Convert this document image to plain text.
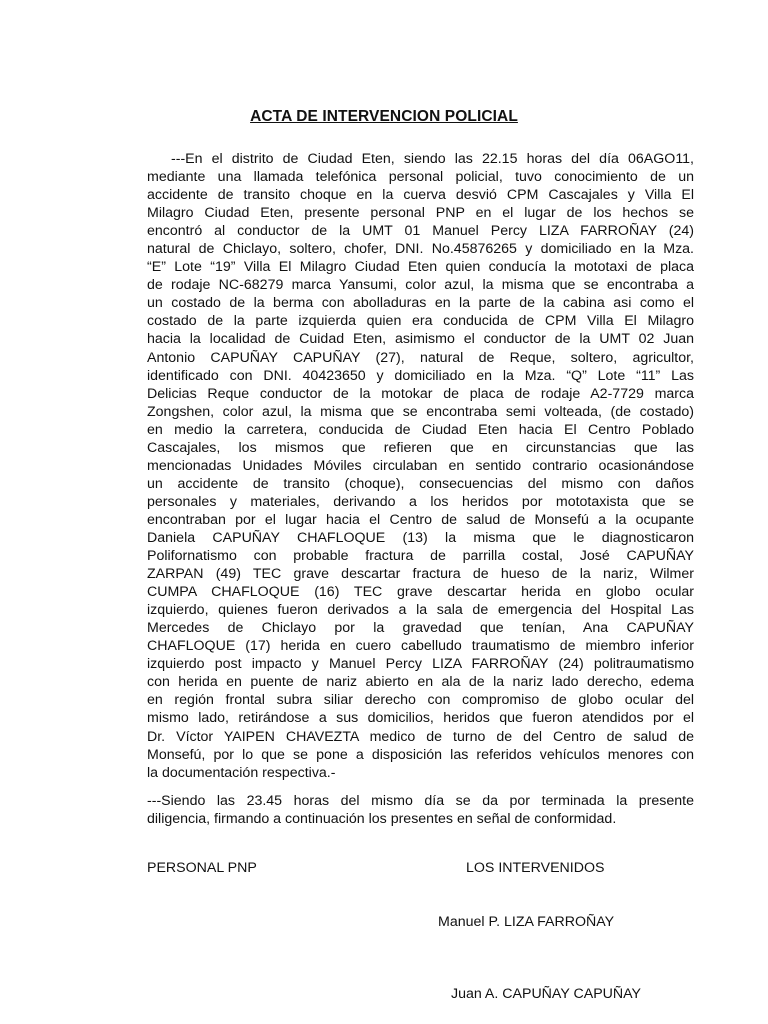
ACTA DE INTERVENCION POLICIAL
---En el distrito de Ciudad Eten, siendo las 22.15 horas del día 06AGO11,
mediante una llamada telefónica personal policial, tuvo conocimiento de un
accidente de transito choque en la cuerva desvió CPM Cascajales y Villa El
Milagro Ciudad Eten, presente personal PNP en el lugar de los hechos se
encontró al conductor de la UMT 01 Manuel Percy LIZA FARROÑAY (24)
natural de Chiclayo, soltero, chofer, DNI. No.45876265 y domiciliado en la Mza.
“E” Lote “19” Villa El Milagro Ciudad Eten quien conducía la mototaxi de placa
de rodaje NC-68279 marca Yansumi, color azul, la misma que se encontraba a
un costado de la berma con abolladuras en la parte de la cabina asi como el
costado de la parte izquierda quien era conducida de CPM Villa El Milagro
hacia la localidad de Cuidad Eten, asimismo el conductor de la UMT 02 Juan
Antonio CAPUÑAY CAPUÑAY (27), natural de Reque, soltero, agricultor,
identificado con DNI. 40423650 y domiciliado en la Mza. “Q” Lote “11” Las
Delicias Reque conductor de la motokar de placa de rodaje A2-7729 marca
Zongshen, color azul, la misma que se encontraba semi volteada, (de costado)
en medio la carretera, conducida de Ciudad Eten hacia El Centro Poblado
Cascajales, los mismos que refieren que en circunstancias que las
mencionadas Unidades Móviles circulaban en sentido contrario ocasionándose
un accidente de transito (choque), consecuencias del mismo con daños
personales y materiales, derivando a los heridos por mototaxista que se
encontraban por el lugar hacia el Centro de salud de Monsefú a la ocupante
Daniela CAPUÑAY CHAFLOQUE (13) la misma que le diagnosticaron
Polifornatismo con probable fractura de parrilla costal, José CAPUÑAY
ZARPAN (49) TEC grave descartar fractura de hueso de la nariz, Wilmer
CUMPA CHAFLOQUE (16) TEC grave descartar herida en globo ocular
izquierdo, quienes fueron derivados a la sala de emergencia del Hospital Las
Mercedes de Chiclayo por la gravedad que tenían, Ana CAPUÑAY
CHAFLOQUE (17) herida en cuero cabelludo traumatismo de miembro inferior
izquierdo post impacto y Manuel Percy LIZA FARROÑAY (24) politraumatismo
con herida en puente de nariz abierto en ala de la nariz lado derecho, edema
en región frontal subra siliar derecho con compromiso de globo ocular del
mismo lado, retirándose a sus domicilios, heridos que fueron atendidos por el
Dr. Víctor YAIPEN CHAVEZTA medico de turno de del Centro de salud de
Monsefú, por lo que se pone a disposición las referidos vehículos menores con
la documentación respectiva.-
---Siendo las 23.45 horas del mismo día se da por terminada la presente
diligencia, firmando a continuación los presentes en señal de conformidad.
PERSONAL PNP	LOS INTERVENIDOS
Manuel P. LIZA FARROÑAY
Juan A. CAPUÑAY CAPUÑAY
